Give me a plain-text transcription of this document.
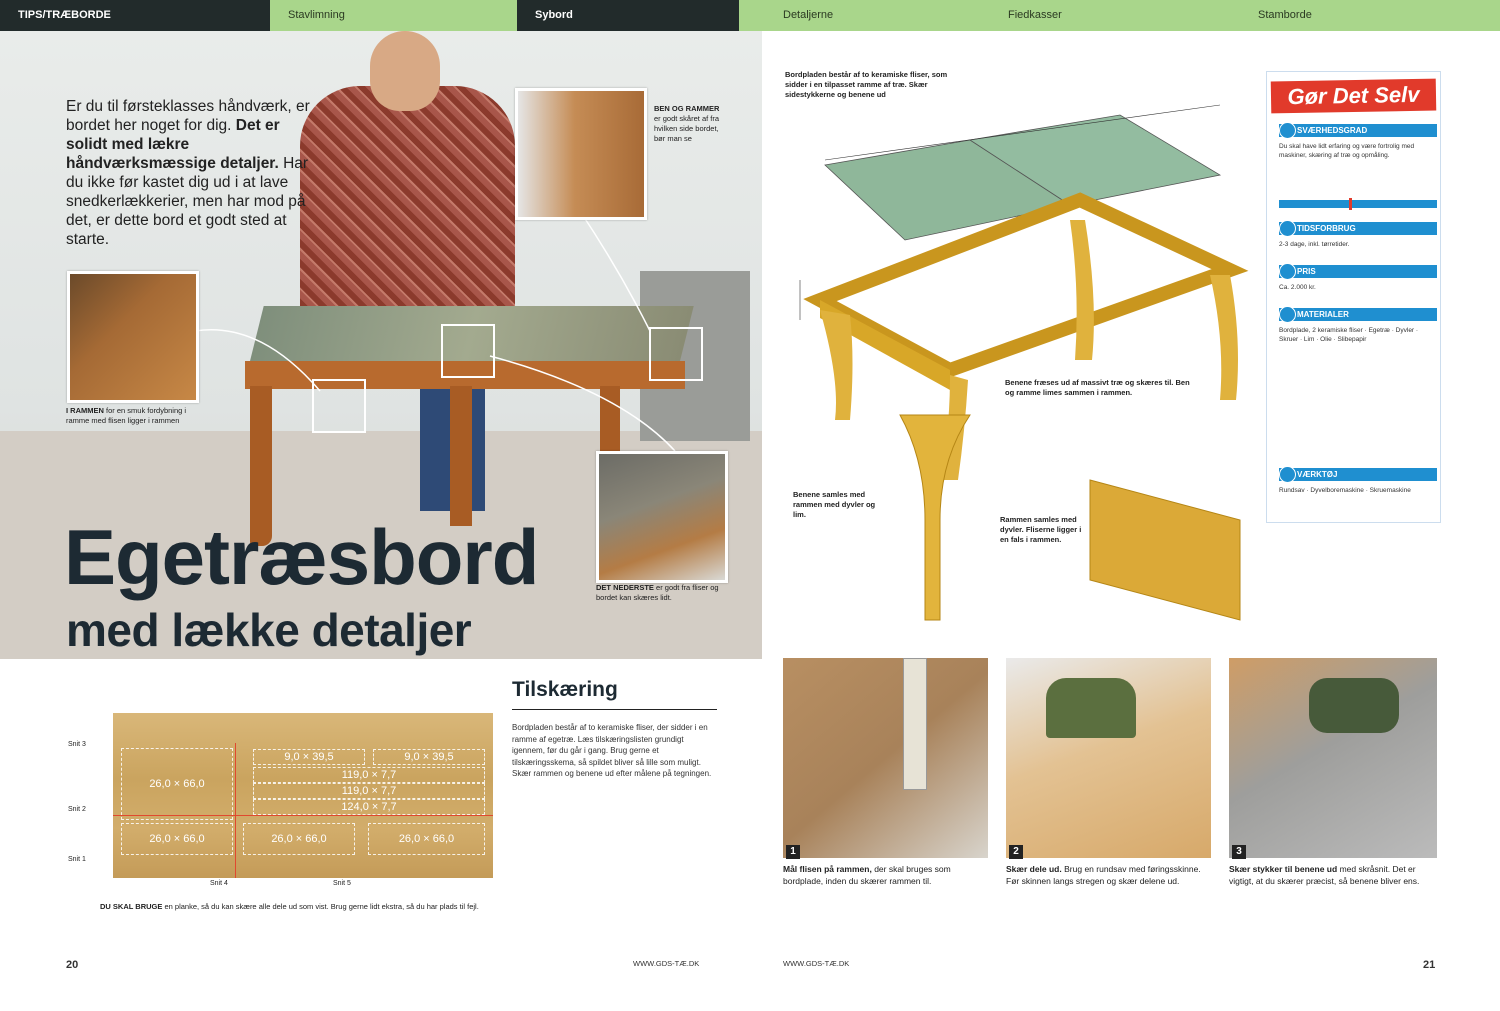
TIPS/TRÆBORDE	Stavlimning	Sybord	Detaljerne	Fiedkasser	Stamborde
Er du til førsteklasses håndværk, er bordet her noget for dig. Det er solidt med lækre håndværksmæssige detaljer. Har du ikke før kastet dig ud i at lave snedkerlækkerier, men har mod på det, er dette bord et godt sted at starte.
I RAMMEN for en smuk fordybning i ramme med flisen ligger i rammen
BEN OG RAMMER er godt skåret af fra hvilken side bordet, bør man se
DET NEDERSTE er godt fra fliser og bordet kan skæres lidt.
Egetræsbord
med lække detaljer
Bordpladen består af to keramiske fliser, som sidder i en tilpasset ramme af træ. Skær sidestykkerne og benene ud
Benene fræses ud af massivt træ og skæres til. Ben og ramme limes sammen i rammen.
Benene samles med rammen med dyvler og lim.
Rammen samles med dyvler. Fliserne ligger i en fals i rammen.
Gør Det Selv
SVÆRHEDSGRAD
Du skal have lidt erfaring og være fortrolig med maskiner, skæring af træ og opmåling.
TIDSFORBRUG
2-3 dage, inkl. tørretider.
PRIS
Ca. 2.000 kr.
MATERIALER
Bordplade, 2 keramiske fliser · Egetræ · Dyvler · Skruer · Lim · Olie · Slibepapir
VÆRKTØJ
Rundsav · Dyvelboremaskine · Skruemaskine
26,0 × 66,0
9,0 × 39,5	9,0 × 39,5
119,0 × 7,7
119,0 × 7,7
124,0 × 7,7
26,0 × 66,0	26,0 × 66,0	26,0 × 66,0
Snit 3
Snit 2
Snit 1
Snit 4	Snit 5
DU SKAL BRUGE en planke, så du kan skære alle dele ud som vist. Brug gerne lidt ekstra, så du har plads til fejl.
Tilskæring
Bordpladen består af to keramiske fliser, der sidder i en ramme af egetræ. Læs tilskæringslisten grundigt igennem, før du går i gang. Brug gerne et tilskæringsskema, så spildet bliver så lille som muligt. Skær rammen og benene ud efter målene på tegningen.
1	2	3
Mål flisen på rammen, der skal bruges som bordplade, inden du skærer rammen til.
Skær dele ud. Brug en rundsav med føringsskinne. Før skinnen langs stregen og skær delene ud.
Skær stykker til benene ud med skråsnit. Det er vigtigt, at du skærer præcist, så benene bliver ens.
20	WWW.GDS-TÆ.DK	WWW.GDS-TÆ.DK	21
